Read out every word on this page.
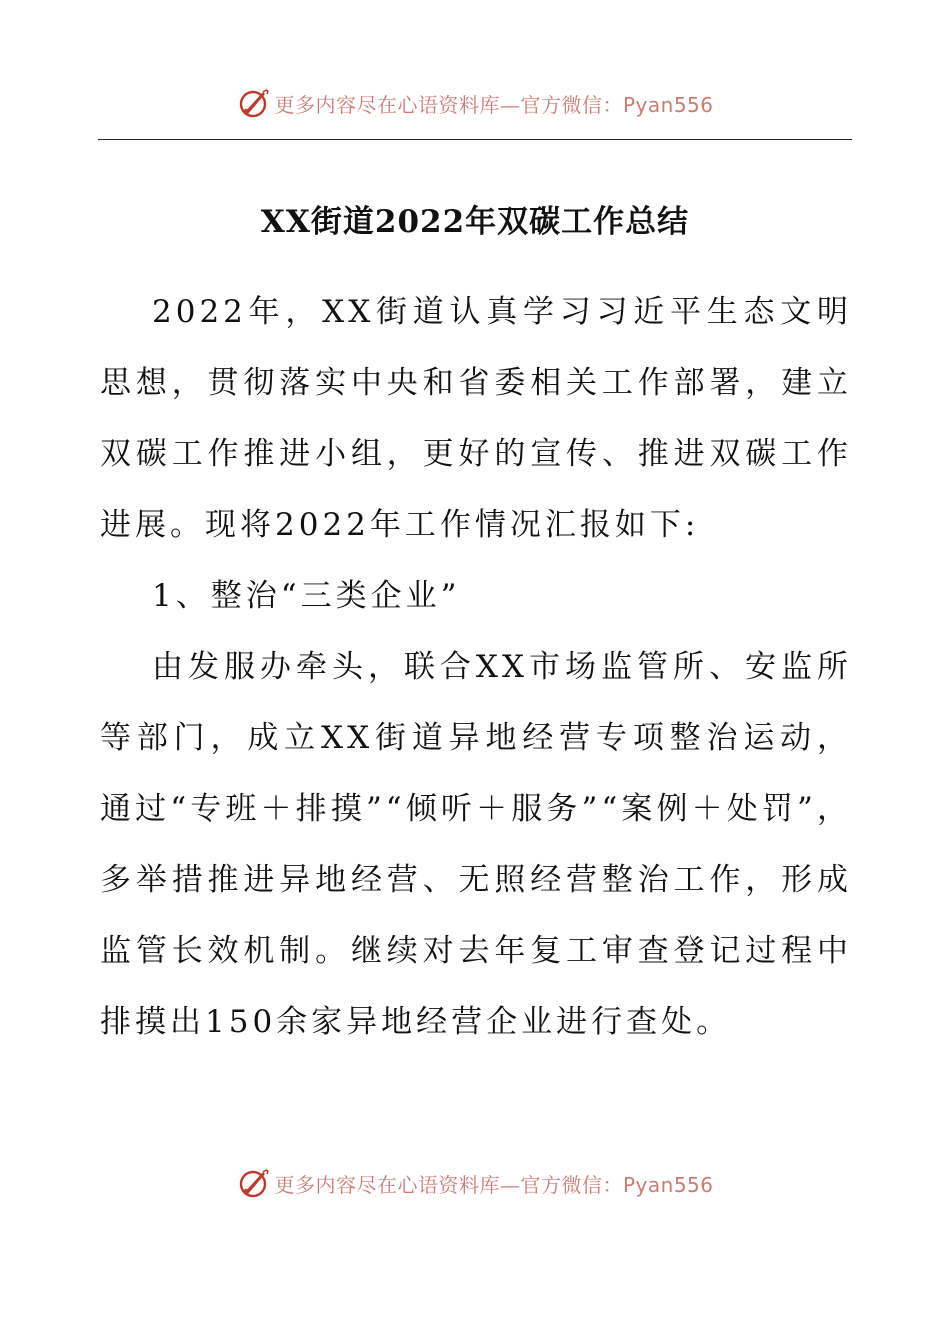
更多内容尽在心语资料库—官方微信：Pyan556
XX街道2022年双碳工作总结

2022年，XX街道认真学习习近平生态文明思想，贯彻落实中央和省委相关工作部署，建立双碳工作推进小组，更好的宣传、推进双碳工作进展。现将2022年工作情况汇报如下:

1、整治“三类企业”

由发服办牵头，联合XX市场监管所、安监所等部门，成立XX街道异地经营专项整治运动，通过“专班＋排摸”“倾听＋服务”“案例＋处罚”，多举措推进异地经营、无照经营整治工作，形成监管长效机制。继续对去年复工审查登记过程中排摸出150余家异地经营企业进行查处。

更多内容尽在心语资料库—官方微信：Pyan556
